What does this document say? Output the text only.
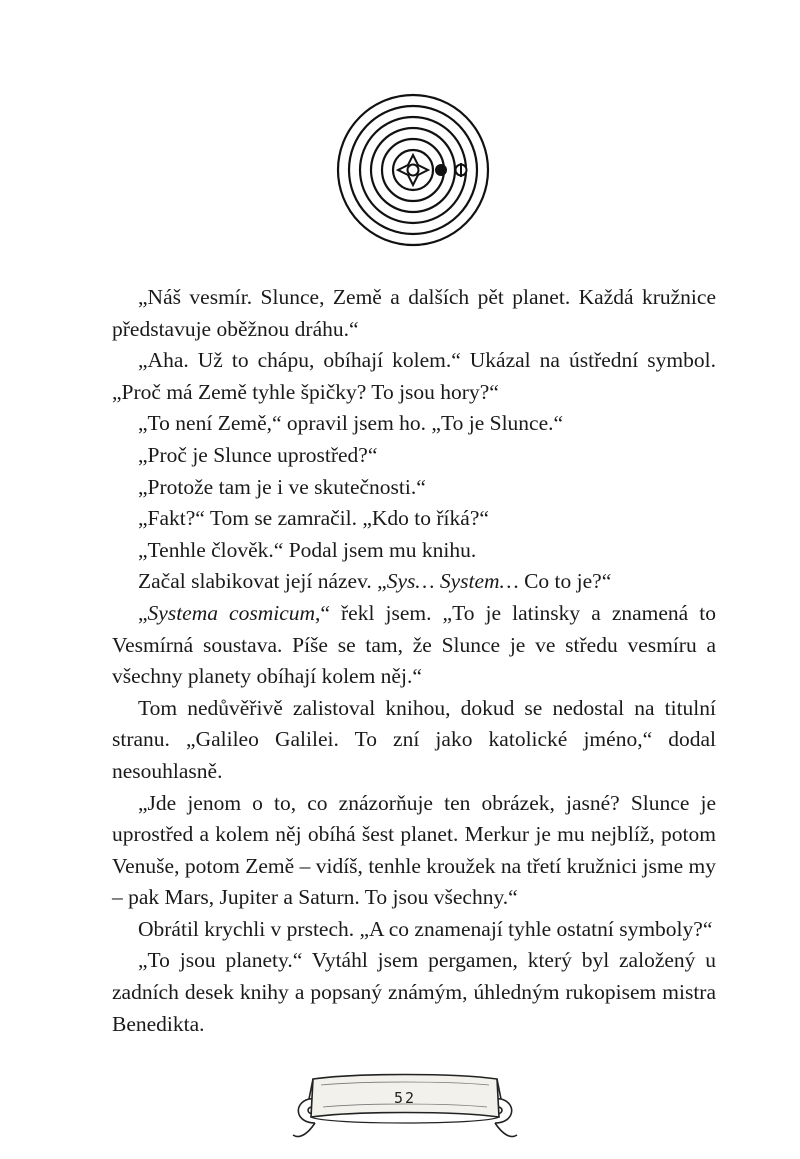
„Náš vesmír. Slunce, Země a dalších pět planet. Každá kružnice představuje oběžnou dráhu.“

„Aha. Už to chápu, obíhají kolem.“ Ukázal na ústřední symbol. „Proč má Země tyhle špičky? To jsou hory?“

„To není Země,“ opravil jsem ho. „To je Slunce.“

„Proč je Slunce uprostřed?“

„Protože tam je i ve skutečnosti.“

„Fakt?“ Tom se zamračil. „Kdo to říká?“

„Tenhle člověk.“ Podal jsem mu knihu.

Začal slabikovat její název. „Sys… System… Co to je?“

„Systema cosmicum,“ řekl jsem. „To je latinsky a znamená to Vesmírná soustava. Píše se tam, že Slunce je ve středu vesmíru a všechny planety obíhají kolem něj.“

Tom nedůvěřivě zalistoval knihou, dokud se nedostal na titulní stranu. „Galileo Galilei. To zní jako katolické jméno,“ dodal nesouhlasně.

„Jde jenom o to, co znázorňuje ten obrázek, jasné? Slunce je uprostřed a kolem něj obíhá šest planet. Merkur je mu nejblíž, potom Venuše, potom Země – vidíš, tenhle kroužek na třetí kružnici jsme my – pak Mars, Jupiter a Saturn. To jsou všechny.“

Obrátil krychli v prstech. „A co znamenají tyhle ostatní symboly?“

„To jsou planety.“ Vytáhl jsem pergamen, který byl založený u zadních desek knihy a popsaný známým, úhledným rukopisem mistra Benedikta.

52
